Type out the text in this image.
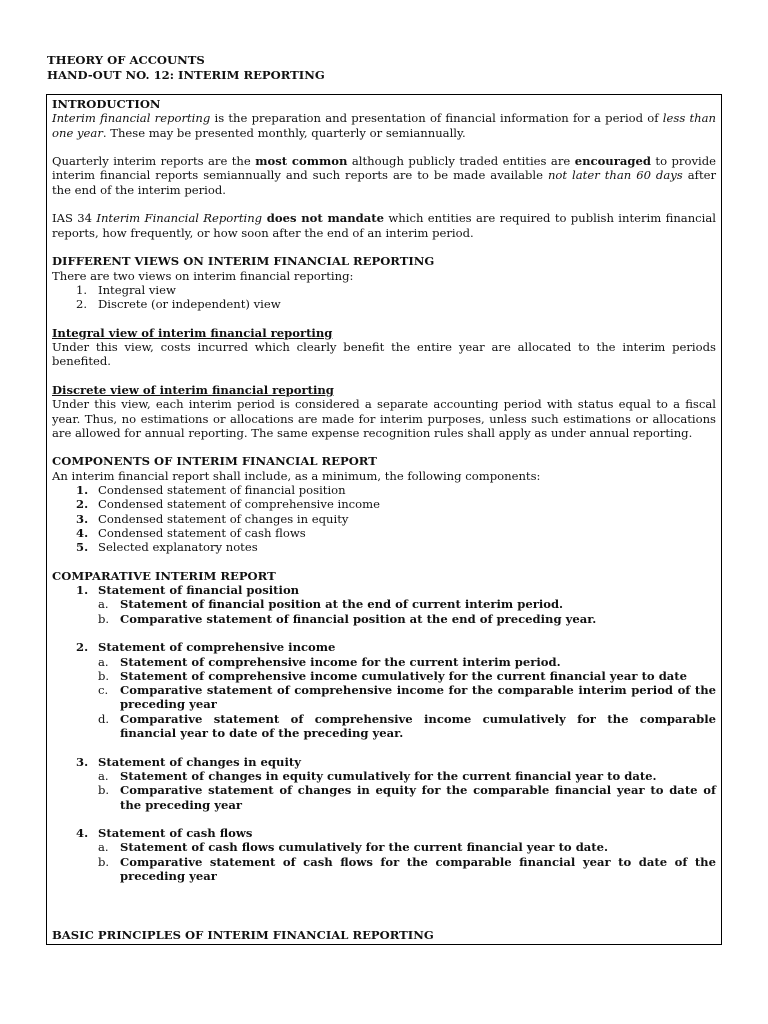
THEORY OF ACCOUNTS
HAND-OUT NO. 12: INTERIM REPORTING

INTRODUCTION

Interim financial reporting is the preparation and presentation of financial information for a period of less than one year. These may be presented monthly, quarterly or semiannually.

Quarterly interim reports are the most common although publicly traded entities are encouraged to provide interim financial reports semiannually and such reports are to be made available not later than 60 days after the end of the interim period.

IAS 34 Interim Financial Reporting does not mandate which entities are required to publish interim financial reports, how frequently, or how soon after the end of an interim period.

DIFFERENT VIEWS ON INTERIM FINANCIAL REPORTING

There are two views on interim financial reporting:

1. Integral view
2. Discrete (or independent) view

Integral view of interim financial reporting

Under this view, costs incurred which clearly benefit the entire year are allocated to the interim periods benefited.

Discrete view of interim financial reporting

Under this view, each interim period is considered a separate accounting period with status equal to a fiscal year. Thus, no estimations or allocations are made for interim purposes, unless such estimations or allocations are allowed for annual reporting. The same expense recognition rules shall apply as under annual reporting.

COMPONENTS OF INTERIM FINANCIAL REPORT

An interim financial report shall include, as a minimum, the following components:

1. Condensed statement of financial position
2. Condensed statement of comprehensive income
3. Condensed statement of changes in equity
4. Condensed statement of cash flows
5. Selected explanatory notes

COMPARATIVE INTERIM REPORT

1. Statement of financial position
a. Statement of financial position at the end of current interim period.
b. Comparative statement of financial position at the end of preceding year.
2. Statement of comprehensive income
a. Statement of comprehensive income for the current interim period.
b. Statement of comprehensive income cumulatively for the current financial year to date
c. Comparative statement of comprehensive income for the comparable interim period of the preceding year
d. Comparative statement of comprehensive income cumulatively for the comparable financial year to date of the preceding year.
3. Statement of changes in equity
a. Statement of changes in equity cumulatively for the current financial year to date.
b. Comparative statement of changes in equity for the comparable financial year to date of the preceding year
4. Statement of cash flows
a. Statement of cash flows cumulatively for the current financial year to date.
b. Comparative statement of cash flows for the comparable financial year to date of the preceding year
BASIC PRINCIPLES OF INTERIM FINANCIAL REPORTING
